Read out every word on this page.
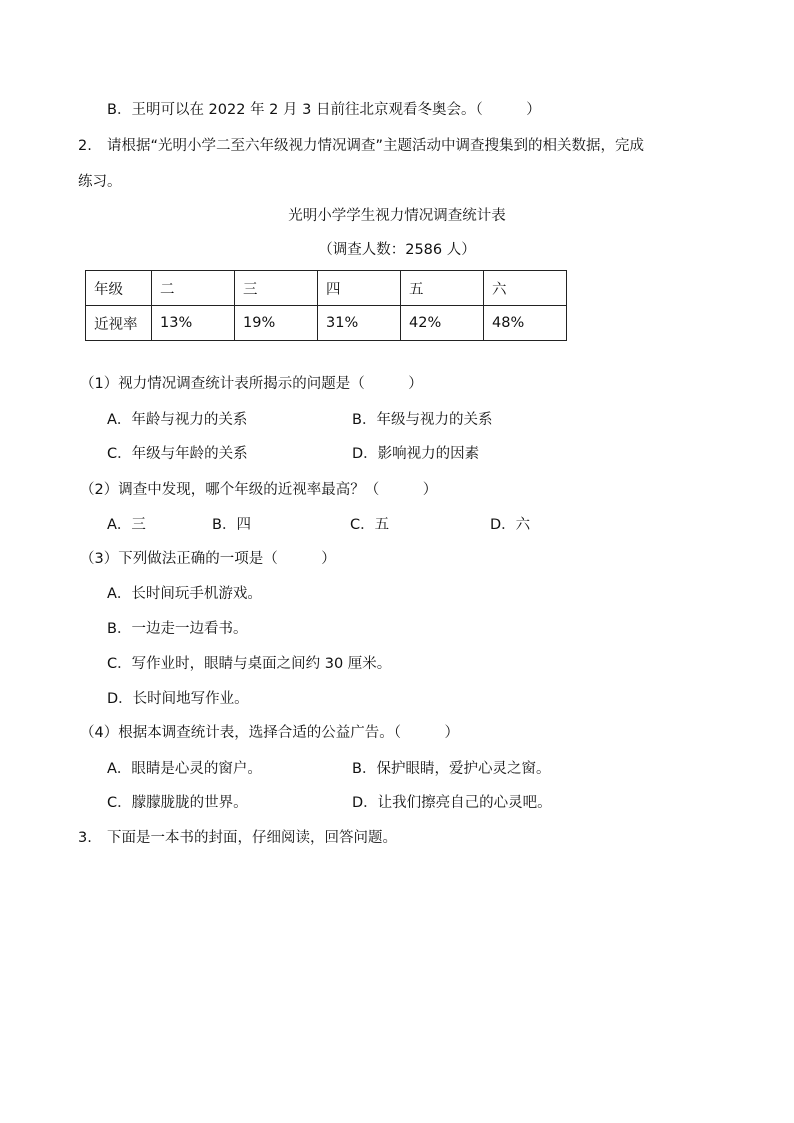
B．王明可以在 2022 年 2 月 3 日前往北京观看冬奥会。（　　　）
2. 请根据“光明小学二至六年级视力情况调查”主题活动中调查搜集到的相关数据，完成
练习。
光明小学学生视力情况调查统计表
（调查人数：2586 人）
年级	二	三	四	五	六
近视率	13%	19%	31%	42%	48%
（1）视力情况调查统计表所揭示的问题是（　　　）
A．年龄与视力的关系	B．年级与视力的关系
C．年级与年龄的关系	D．影响视力的因素
（2）调查中发现，哪个年级的近视率最高？（　　　）
A．三	B．四	C．五	D．六
（3）下列做法正确的一项是（　　　）
A．长时间玩手机游戏。
B．一边走一边看书。
C．写作业时，眼睛与桌面之间约 30 厘米。
D．长时间地写作业。
（4）根据本调查统计表，选择合适的公益广告。（　　　）
A．眼睛是心灵的窗户。	B．保护眼睛，爱护心灵之窗。
C．朦朦胧胧的世界。	D．让我们擦亮自己的心灵吧。
3. 下面是一本书的封面，仔细阅读，回答问题。
